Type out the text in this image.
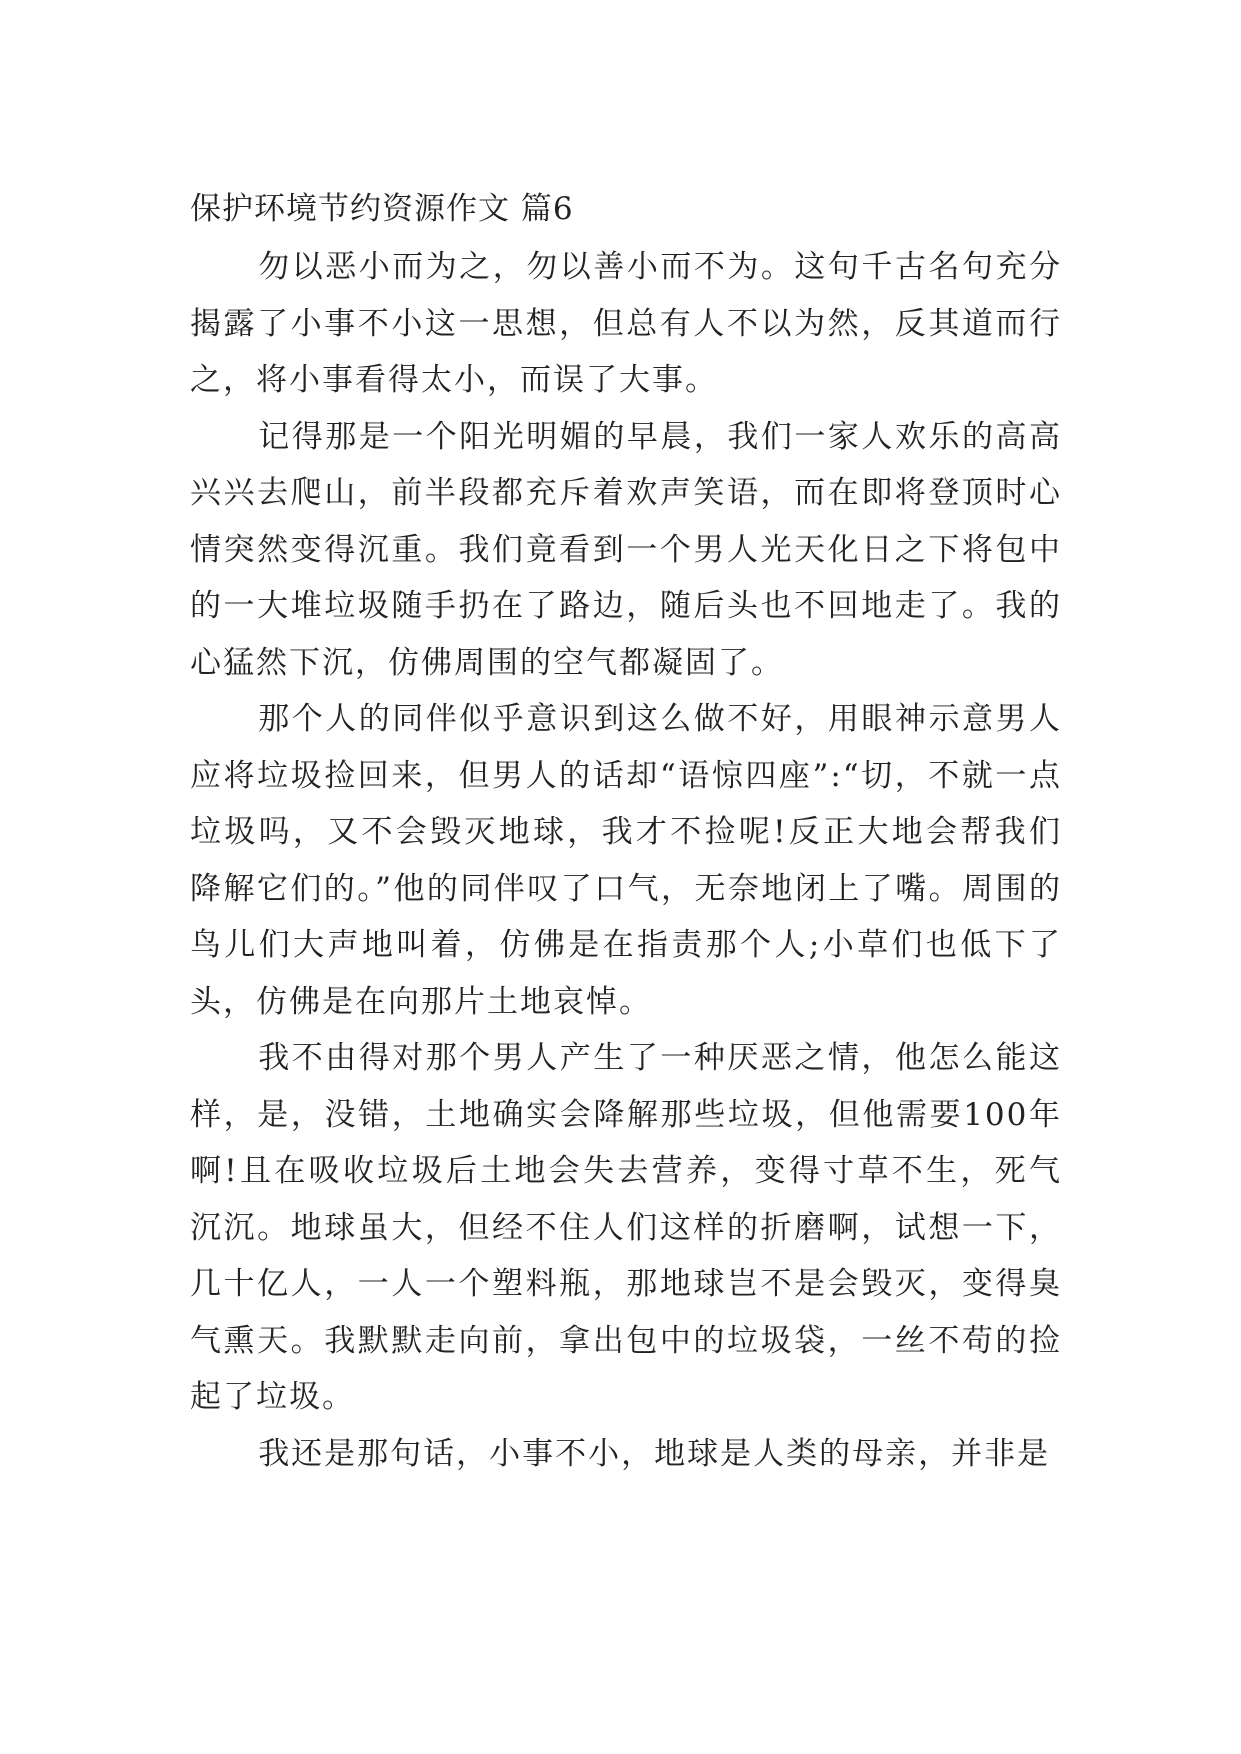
保护环境节约资源作文 篇6

勿以恶小而为之，勿以善小而不为。这句千古名句充分揭露了小事不小这一思想，但总有人不以为然，反其道而行之，将小事看得太小，而误了大事。

记得那是一个阳光明媚的早晨，我们一家人欢乐的高高兴兴去爬山，前半段都充斥着欢声笑语，而在即将登顶时心情突然变得沉重。我们竟看到一个男人光天化日之下将包中的一大堆垃圾随手扔在了路边，随后头也不回地走了。我的心猛然下沉，仿佛周围的空气都凝固了。

那个人的同伴似乎意识到这么做不好，用眼神示意男人应将垃圾捡回来，但男人的话却“语惊四座”:“切，不就一点垃圾吗，又不会毁灭地球，我才不捡呢!反正大地会帮我们降解它们的。”他的同伴叹了口气，无奈地闭上了嘴。周围的鸟儿们大声地叫着，仿佛是在指责那个人;小草们也低下了头，仿佛是在向那片土地哀悼。

我不由得对那个男人产生了一种厌恶之情，他怎么能这样，是，没错，土地确实会降解那些垃圾，但他需要100年啊!且在吸收垃圾后土地会失去营养，变得寸草不生，死气沉沉。地球虽大，但经不住人们这样的折磨啊，试想一下，几十亿人，一人一个塑料瓶，那地球岂不是会毁灭，变得臭气熏天。我默默走向前，拿出包中的垃圾袋，一丝不苟的捡起了垃圾。

我还是那句话，小事不小，地球是人类的母亲，并非是
